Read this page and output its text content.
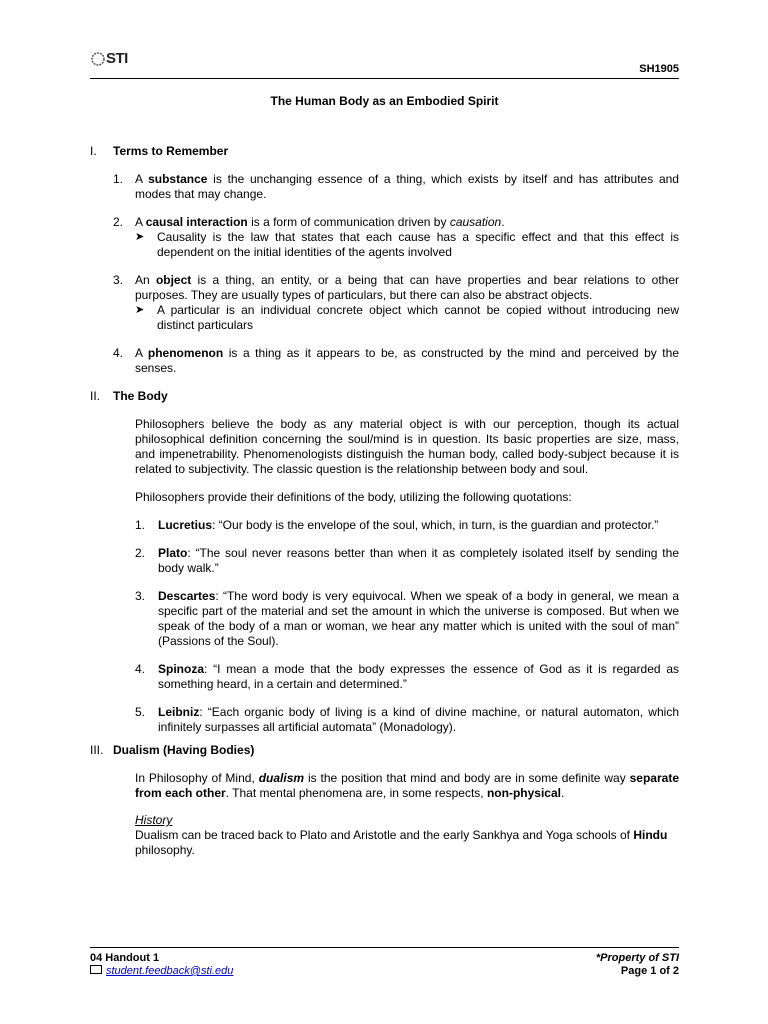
STI
SH1905
The Human Body as an Embodied Spirit
I.	Terms to Remember
1. A substance is the unchanging essence of a thing, which exists by itself and has attributes and modes that may change.
2. A causal interaction is a form of communication driven by causation.
➤	Causality is the law that states that each cause has a specific effect and that this effect is dependent on the initial identities of the agents involved
3. An object is a thing, an entity, or a being that can have properties and bear relations to other purposes. They are usually types of particulars, but there can also be abstract objects.
➤	A particular is an individual concrete object which cannot be copied without introducing new distinct particulars
4. A phenomenon is a thing as it appears to be, as constructed by the mind and perceived by the senses.
II.	The Body
Philosophers believe the body as any material object is with our perception, though its actual philosophical definition concerning the soul/mind is in question. Its basic properties are size, mass, and impenetrability. Phenomenologists distinguish the human body, called body-subject because it is related to subjectivity. The classic question is the relationship between body and soul.
Philosophers provide their definitions of the body, utilizing the following quotations:
1.	Lucretius: “Our body is the envelope of the soul, which, in turn, is the guardian and protector.”
2.	Plato: “The soul never reasons better than when it as completely isolated itself by sending the body walk.”
3.	Descartes: “The word body is very equivocal. When we speak of a body in general, we mean a specific part of the material and set the amount in which the universe is composed. But when we speak of the body of a man or woman, we hear any matter which is united with the soul of man” (Passions of the Soul).
4.	Spinoza: “I mean a mode that the body expresses the essence of God as it is regarded as something heard, in a certain and determined.”
5.	Leibniz: “Each organic body of living is a kind of divine machine, or natural automaton, which infinitely surpasses all artificial automata” (Monadology).
III. Dualism (Having Bodies)
In Philosophy of Mind, dualism is the position that mind and body are in some definite way separate from each other. That mental phenomena are, in some respects, non-physical.
History
Dualism can be traced back to Plato and Aristotle and the early Sankhya and Yoga schools of Hindu philosophy.
04 Handout 1
student.feedback@sti.edu
*Property of STI
Page 1 of 2
